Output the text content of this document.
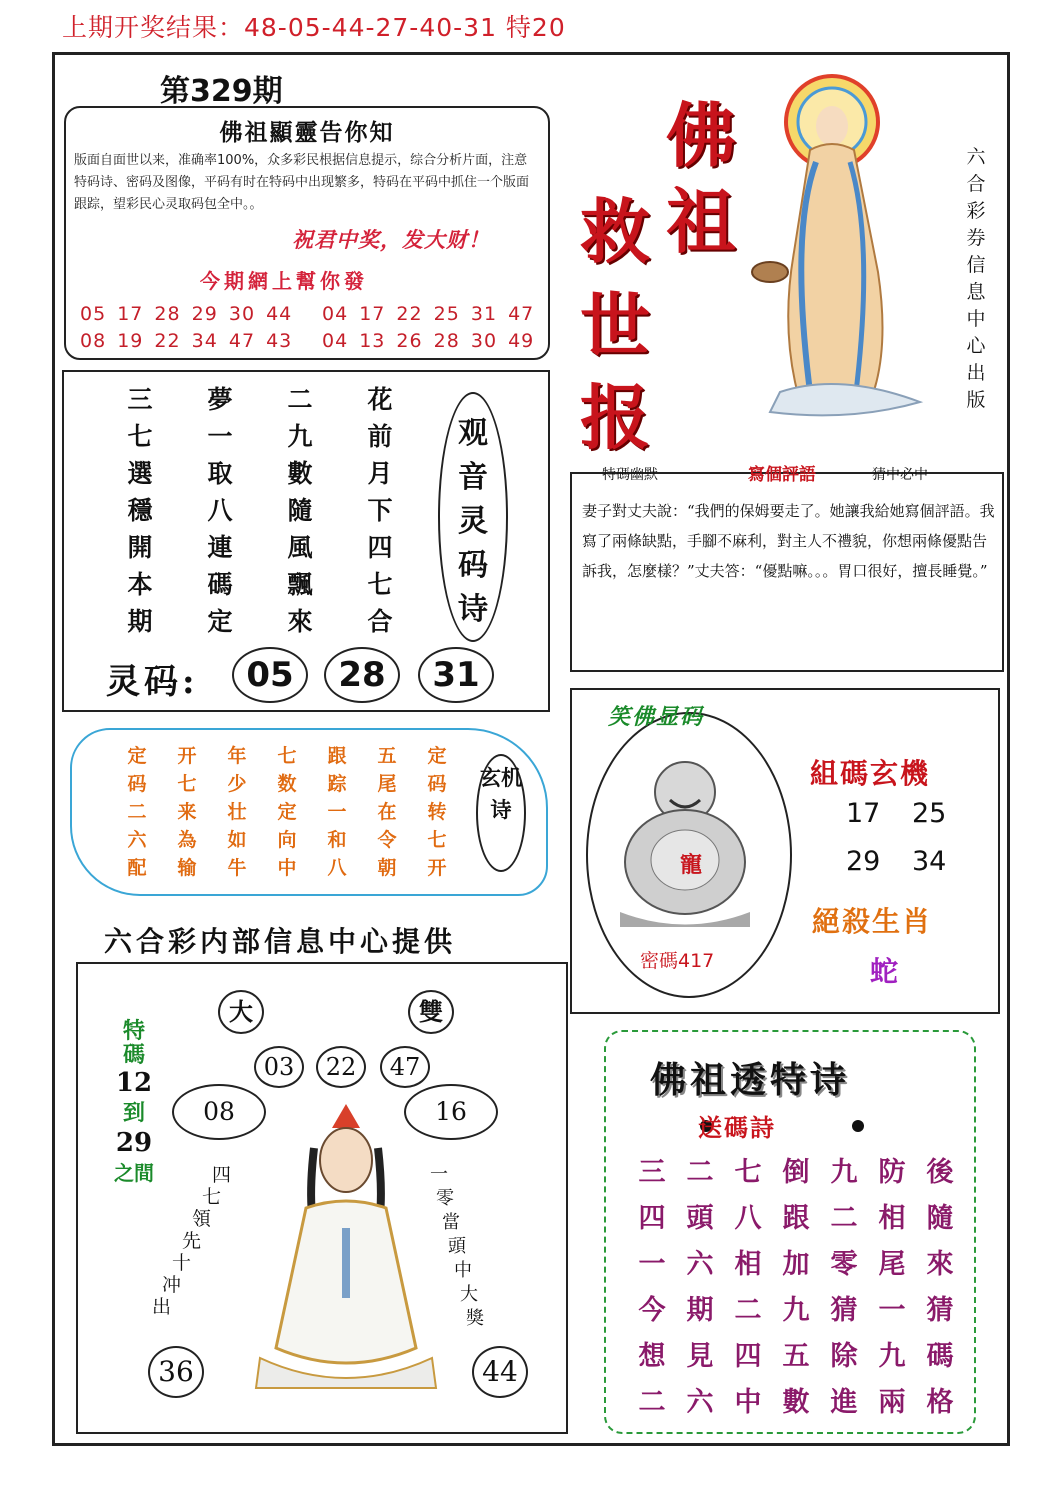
上期开奖结果：48-05-44-27-40-31 特20
第329期
佛祖顯靈告你知
版面自面世以来，准确率100%，众多彩民根据信息提示，综合分析片面，注意特码诗、密码及图像，平码有时在特码中出现繁多，特码在平码中抓住一个版面跟踪，望彩民心灵取码包全中。。
祝君中奖，发大财！
今期網上幫你發
05 17 28 29 30 44 04 17 22 25 31 47
08 19 22 34 47 43 04 13 26 28 30 49
三	夢	二	花
七	一	九	前
選	取	數	月
穩	八	隨	下
開	連	風	四
本	碼	飄	七
期	定	來	合
观音灵码诗
灵码:	05	28	31
定	开	年	七	跟	五	定
码	七	少	数	踪	尾	码
二	来	壮	定	一	在	转
六	為	如	向	和	令	七
配	输	牛	中	八	朝	开
玄机诗
六合彩内部信息中心提供
佛
祖
救
世
报
六合彩券信息中心出版
特碼幽默	寫個評語	猜中必中
妻子對丈夫說：“我們的保姆要走了。她讓我給她寫個評語。我寫了兩條缺點，手腳不麻利，對主人不禮貌，你想兩條優點告訴我，怎麼樣？”丈夫答：“優點嘛。。。胃口很好，擅長睡覺。”
笑佛显码
寵
密碼417
組碼玄機
17 25
29 34
絕殺生肖
蛇
大	雙
03	22	47
08	16
36	44
特碼
12
到
29
之間	四
七
領
先
十
冲
出
一
零
當
頭
中
大
獎
佛祖透特诗
送碼詩
三 二 七 倒 九 防 後
四 頭 八 跟 二 相 隨
一 六 相 加 零 尾 來
今 期 二 九 猜 一 猜
想 見 四 五 除 九 碼
二 六 中 數 進 兩 格
